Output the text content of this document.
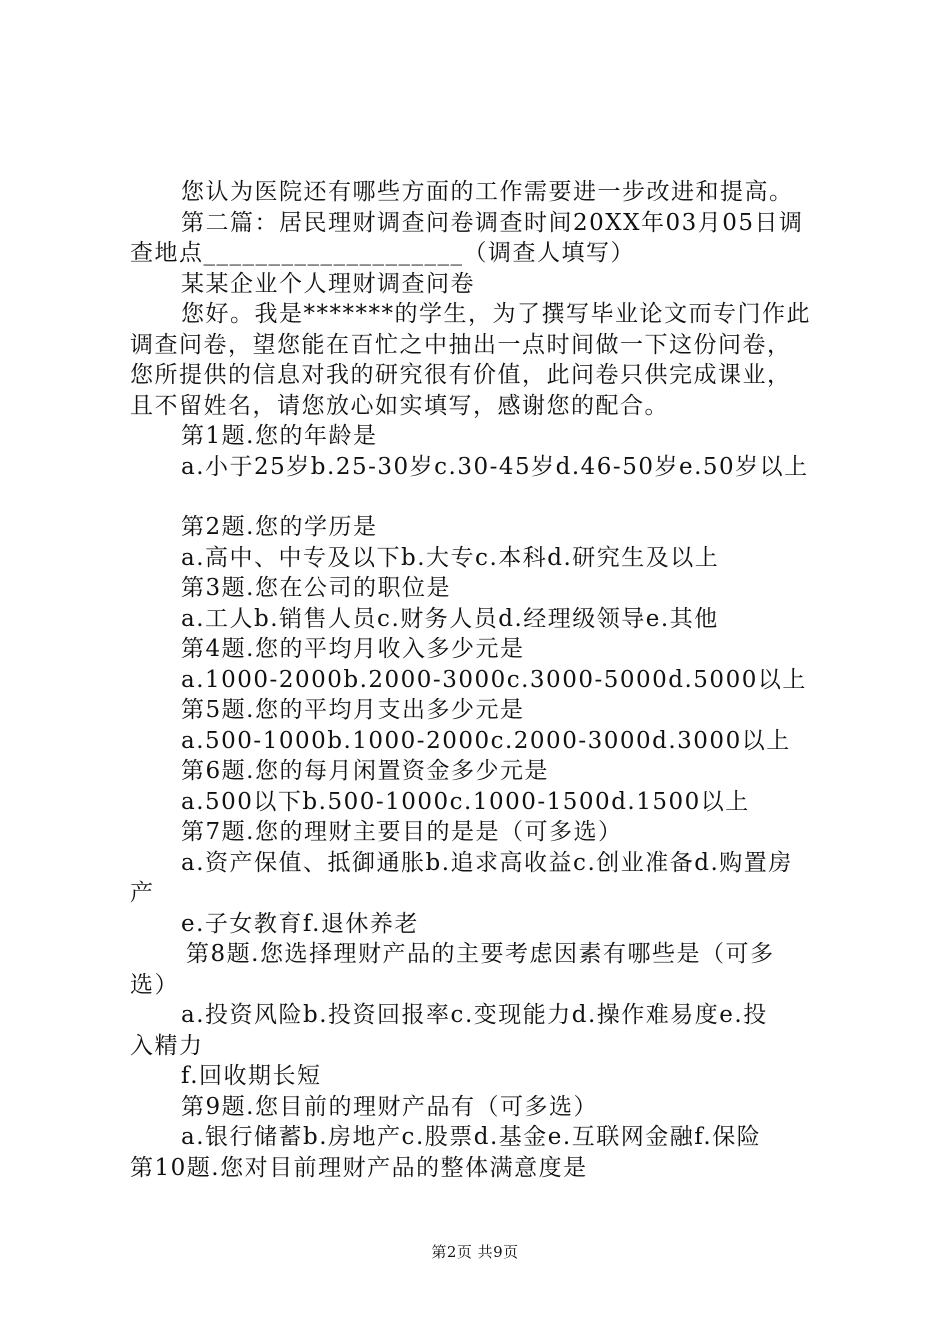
您认为医院还有哪些方面的工作需要进一步改进和提高。
第二篇：居民理财调查问卷调查时间20XX年03月05日调
查地点____________________（调查人填写）
某某企业个人理财调查问卷
您好。我是*******的学生，为了撰写毕业论文而专门作此
调查问卷，望您能在百忙之中抽出一点时间做一下这份问卷，
您所提供的信息对我的研究很有价值，此问卷只供完成课业，
且不留姓名，请您放心如实填写，感谢您的配合。
第1题.您的年龄是
a.小于25岁b.25-30岁c.30-45岁d.46-50岁e.50岁以上
第2题.您的学历是
a.高中、中专及以下b.大专c.本科d.研究生及以上
第3题.您在公司的职位是
a.工人b.销售人员c.财务人员d.经理级领导e.其他
第4题.您的平均月收入多少元是
a.1000-2000b.2000-3000c.3000-5000d.5000以上
第5题.您的平均月支出多少元是
a.500-1000b.1000-2000c.2000-3000d.3000以上
第6题.您的每月闲置资金多少元是
a.500以下b.500-1000c.1000-1500d.1500以上
第7题.您的理财主要目的是是（可多选）
a.资产保值、抵御通胀b.追求高收益c.创业准备d.购置房
产
e.子女教育f.退休养老
第8题.您选择理财产品的主要考虑因素有哪些是（可多
选）
a.投资风险b.投资回报率c.变现能力d.操作难易度e.投
入精力
f.回收期长短
第9题.您目前的理财产品有（可多选）
a.银行储蓄b.房地产c.股票d.基金e.互联网金融f.保险
第10题.您对目前理财产品的整体满意度是
第2页 共9页
